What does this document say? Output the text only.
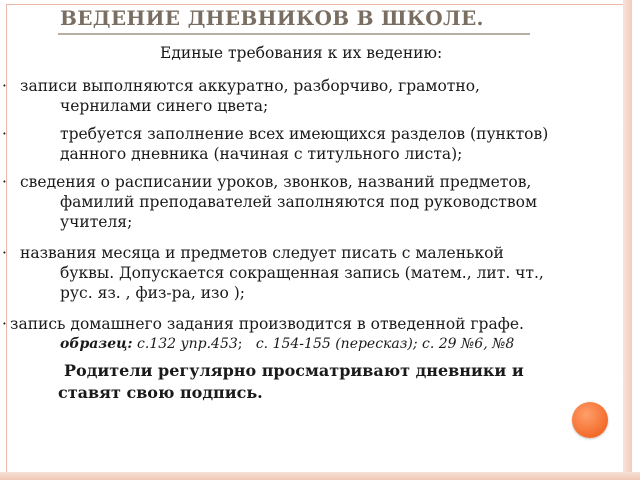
ВЕДЕНИЕ ДНЕВНИКОВ В ШКОЛЕ.
Единые требования к их ведению:

· записи выполняются аккуратно, разборчиво, грамотно,
чернилами синего цвета;

·	требуется заполнение всех имеющихся разделов (пунктов)
данного дневника (начиная с титульного листа);

· сведения о расписании уроков, звонков, названий предметов,
фамилий преподавателей заполняются под руководством
учителя;

· названия месяца и предметов следует писать с маленькой
буквы. Допускается сокращенная запись (матем., лит. чт.,
рус. яз. , физ-ра, изо );

· запись домашнего задания производится в отведенной графе.
образец: с.132 упр.453; с. 154-155 (пересказ); с. 29 №6, №8

Родители регулярно просматривают дневники и
ставят свою подпись.
